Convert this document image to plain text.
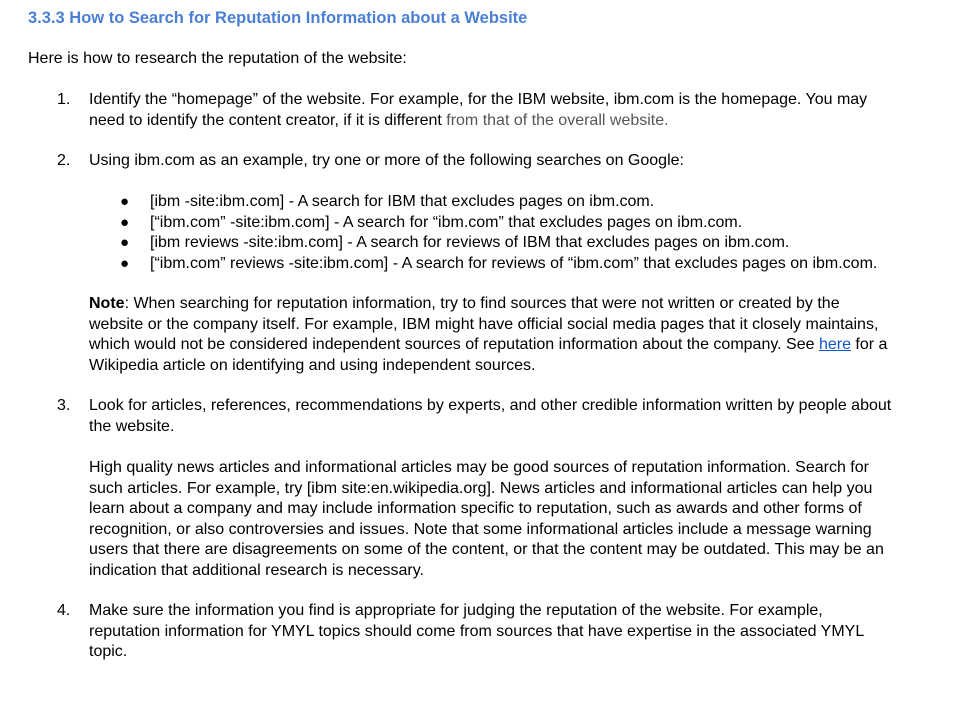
3.3.3 How to Search for Reputation Information about a Website
Here is how to research the reputation of the website:
1. Identify the “homepage” of the website. For example, for the IBM website, ibm.com is the homepage. You may
need to identify the content creator, if it is different from that of the overall website.
2. Using ibm.com as an example, try one or more of the following searches on Google:
●	[ibm -site:ibm.com] - A search for IBM that excludes pages on ibm.com.
●	[“ibm.com” -site:ibm.com] - A search for “ibm.com” that excludes pages on ibm.com.
●	[ibm reviews -site:ibm.com] - A search for reviews of IBM that excludes pages on ibm.com.
●	[“ibm.com” reviews -site:ibm.com] - A search for reviews of “ibm.com” that excludes pages on ibm.com.
Note: When searching for reputation information, try to find sources that were not written or created by the
website or the company itself. For example, IBM might have official social media pages that it closely maintains,
which would not be considered independent sources of reputation information about the company. See here for a
Wikipedia article on identifying and using independent sources.
3. Look for articles, references, recommendations by experts, and other credible information written by people about
the website.
High quality news articles and informational articles may be good sources of reputation information. Search for
such articles. For example, try [ibm site:en.wikipedia.org]. News articles and informational articles can help you
learn about a company and may include information specific to reputation, such as awards and other forms of
recognition, or also controversies and issues. Note that some informational articles include a message warning
users that there are disagreements on some of the content, or that the content may be outdated. This may be an
indication that additional research is necessary.
4. Make sure the information you find is appropriate for judging the reputation of the website. For example,
reputation information for YMYL topics should come from sources that have expertise in the associated YMYL
topic.
